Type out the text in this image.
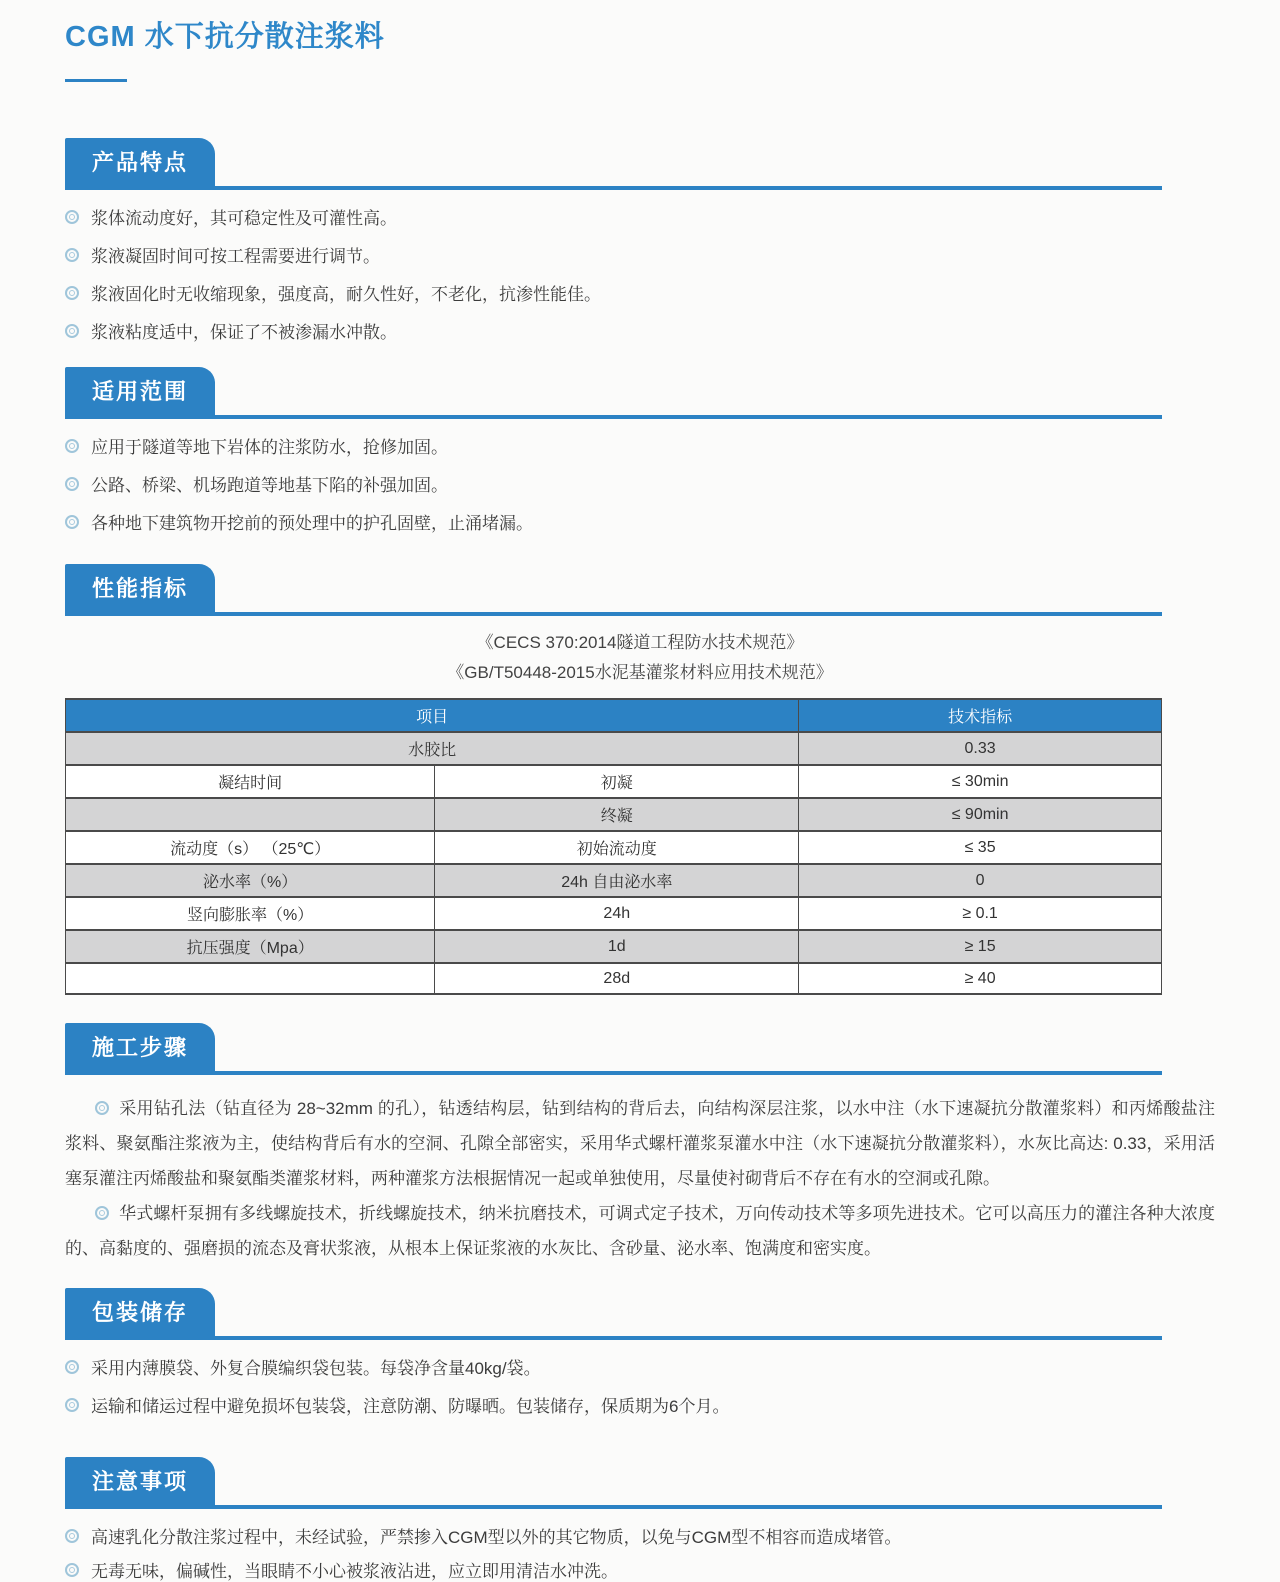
CGM 水下抗分散注浆料
产品特点
浆体流动度好，其可稳定性及可灌性高。
浆液凝固时间可按工程需要进行调节。
浆液固化时无收缩现象，强度高，耐久性好，不老化，抗渗性能佳。
浆液粘度适中，保证了不被渗漏水冲散。
适用范围
应用于隧道等地下岩体的注浆防水，抢修加固。
公路、桥梁、机场跑道等地基下陷的补强加固。
各种地下建筑物开挖前的预处理中的护孔固壁，止涌堵漏。
性能指标

《CECS 370:2014隧道工程防水技术规范》

《GB/T50448-2015水泥基灌浆材料应用技术规范》

项目		技术指标
水胶比		0.33
凝结时间	初凝	≤ 30min
	终凝	≤ 90min
流动度（s） （25℃）	初始流动度	≤ 35
泌水率（%）	24h 自由泌水率	0
竖向膨胀率（%）	24h	≥ 0.1
抗压强度（Mpa）	1d	≥ 15
	28d	≥ 40
施工步骤

采用钻孔法（钻直径为 28~32mm 的孔），钻透结构层，钻到结构的背后去，向结构深层注浆，以水中注（水下速凝抗分散灌浆料）和丙烯酸盐注浆料、聚氨酯注浆液为主，使结构背后有水的空洞、孔隙全部密实，采用华式螺杆灌浆泵灌水中注（水下速凝抗分散灌浆料），水灰比高达: 0.33，采用活塞泵灌注丙烯酸盐和聚氨酯类灌浆材料，两种灌浆方法根据情况一起或单独使用，尽量使衬砌背后不存在有水的空洞或孔隙。

华式螺杆泵拥有多线螺旋技术，折线螺旋技术，纳米抗磨技术，可调式定子技术，万向传动技术等多项先进技术。它可以高压力的灌注各种大浓度的、高黏度的、强磨损的流态及膏状浆液，从根本上保证浆液的水灰比、含砂量、泌水率、饱满度和密实度。

包装储存
采用内薄膜袋、外复合膜编织袋包装。每袋净含量40kg/袋。
运输和储运过程中避免损坏包装袋，注意防潮、防曝晒。包装储存，保质期为6个月。
注意事项
高速乳化分散注浆过程中，未经试验，严禁掺入CGM型以外的其它物质，以免与CGM型不相容而造成堵管。
无毒无味，偏碱性，当眼睛不小心被浆液沾进，应立即用清洁水冲洗。
